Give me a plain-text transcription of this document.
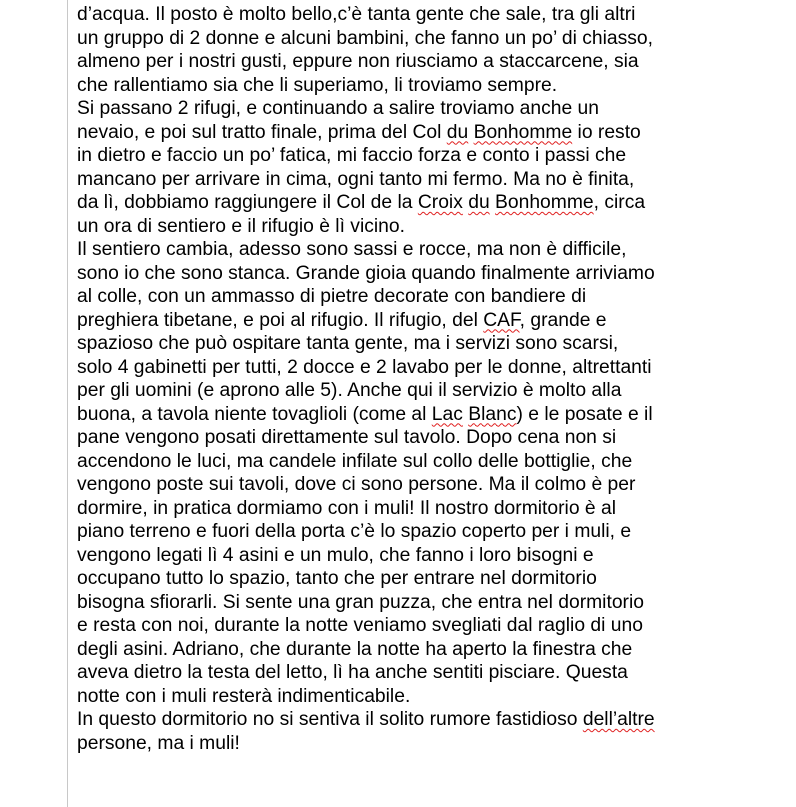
d’acqua. Il posto è molto bello,c’è tanta gente che sale, tra gli altri
un gruppo di 2 donne e alcuni bambini, che fanno un po’ di chiasso,
almeno per i nostri gusti, eppure non riusciamo a staccarcene, sia
che rallentiamo sia che li superiamo, li troviamo sempre.
Si passano 2 rifugi, e continuando a salire troviamo anche un
nevaio, e poi sul tratto finale, prima del Col du Bonhomme io resto
in dietro e faccio un po’ fatica, mi faccio forza e conto i passi che
mancano per arrivare in cima, ogni tanto mi fermo. Ma no è finita,
da lì, dobbiamo raggiungere il Col de la Croix du Bonhomme, circa
un ora di sentiero e il rifugio è lì vicino.
Il sentiero cambia, adesso sono sassi e rocce, ma non è difficile,
sono io che sono stanca. Grande gioia quando finalmente arriviamo
al colle, con un ammasso di pietre decorate con bandiere di
preghiera tibetane, e poi al rifugio. Il rifugio, del CAF, grande e
spazioso che può ospitare tanta gente, ma i servizi sono scarsi,
solo 4 gabinetti per tutti, 2 docce e 2 lavabo per le donne, altrettanti
per gli uomini (e aprono alle 5). Anche qui il servizio è molto alla
buona, a tavola niente tovaglioli (come al Lac Blanc) e le posate e il
pane vengono posati direttamente sul tavolo. Dopo cena non si
accendono le luci, ma candele infilate sul collo delle bottiglie, che
vengono poste sui tavoli, dove ci sono persone. Ma il colmo è per
dormire, in pratica dormiamo con i muli! Il nostro dormitorio è al
piano terreno e fuori della porta c’è lo spazio coperto per i muli, e
vengono legati lì 4 asini e un mulo, che fanno i loro bisogni e
occupano tutto lo spazio, tanto che per entrare nel dormitorio
bisogna sfiorarli. Si sente una gran puzza, che entra nel dormitorio
e resta con noi, durante la notte veniamo svegliati dal raglio di uno
degli asini. Adriano, che durante la notte ha aperto la finestra che
aveva dietro la testa del letto, lì ha anche sentiti pisciare. Questa
notte con i muli resterà indimenticabile.
In questo dormitorio no si sentiva il solito rumore fastidioso dell’altre
persone, ma i muli!
